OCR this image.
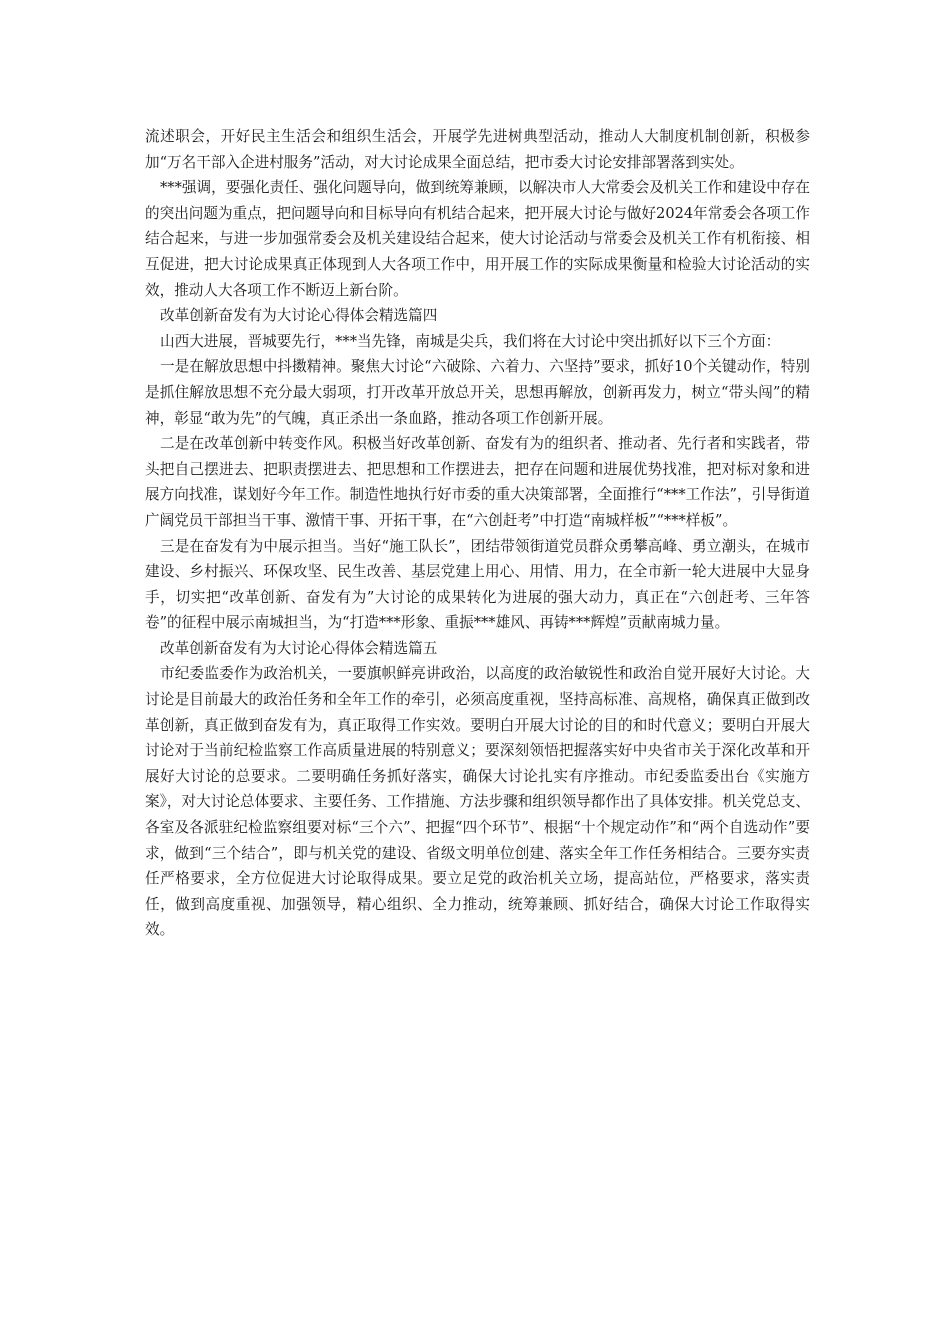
流述职会，开好民主生活会和组织生活会，开展学先进树典型活动，推动人大制度机制创新，积极参加“万名干部入企进村服务”活动，对大讨论成果全面总结，把市委大讨论安排部署落到实处。

***强调，要强化责任、强化问题导向，做到统筹兼顾，以解决市人大常委会及机关工作和建设中存在的突出问题为重点，把问题导向和目标导向有机结合起来，把开展大讨论与做好2024年常委会各项工作结合起来，与进一步加强常委会及机关建设结合起来，使大讨论活动与常委会及机关工作有机衔接、相互促进，把大讨论成果真正体现到人大各项工作中，用开展工作的实际成果衡量和检验大讨论活动的实效，推动人大各项工作不断迈上新台阶。

改革创新奋发有为大讨论心得体会精选篇四

山西大进展，晋城要先行，***当先锋，南城是尖兵，我们将在大讨论中突出抓好以下三个方面：

一是在解放思想中抖擞精神。聚焦大讨论“六破除、六着力、六坚持”要求，抓好10个关键动作，特别是抓住解放思想不充分最大弱项，打开改革开放总开关，思想再解放，创新再发力，树立“带头闯”的精神，彰显“敢为先”的气魄，真正杀出一条血路，推动各项工作创新开展。

二是在改革创新中转变作风。积极当好改革创新、奋发有为的组织者、推动者、先行者和实践者，带头把自己摆进去、把职责摆进去、把思想和工作摆进去，把存在问题和进展优势找准，把对标对象和进展方向找准，谋划好今年工作。制造性地执行好市委的重大决策部署，全面推行“***工作法”，引导街道广阔党员干部担当干事、激情干事、开拓干事，在“六创赶考”中打造“南城样板”“***样板”。

三是在奋发有为中展示担当。当好“施工队长”，团结带领街道党员群众勇攀高峰、勇立潮头，在城市建设、乡村振兴、环保攻坚、民生改善、基层党建上用心、用情、用力，在全市新一轮大进展中大显身手，切实把“改革创新、奋发有为”大讨论的成果转化为进展的强大动力，真正在“六创赶考、三年答卷”的征程中展示南城担当，为“打造***形象、重振***雄风、再铸***辉煌”贡献南城力量。

改革创新奋发有为大讨论心得体会精选篇五

市纪委监委作为政治机关，一要旗帜鲜亮讲政治，以高度的政治敏锐性和政治自觉开展好大讨论。大讨论是目前最大的政治任务和全年工作的牵引，必须高度重视，坚持高标准、高规格，确保真正做到改革创新，真正做到奋发有为，真正取得工作实效。要明白开展大讨论的目的和时代意义；要明白开展大讨论对于当前纪检监察工作高质量进展的特别意义；要深刻领悟把握落实好中央省市关于深化改革和开展好大讨论的总要求。二要明确任务抓好落实，确保大讨论扎实有序推动。市纪委监委出台《实施方案》，对大讨论总体要求、主要任务、工作措施、方法步骤和组织领导都作出了具体安排。机关党总支、各室及各派驻纪检监察组要对标“三个六”、把握“四个环节”、根据“十个规定动作”和“两个自选动作”要求，做到“三个结合”，即与机关党的建设、省级文明单位创建、落实全年工作任务相结合。三要夯实责任严格要求，全方位促进大讨论取得成果。要立足党的政治机关立场，提高站位，严格要求，落实责任，做到高度重视、加强领导，精心组织、全力推动，统筹兼顾、抓好结合，确保大讨论工作取得实效。
